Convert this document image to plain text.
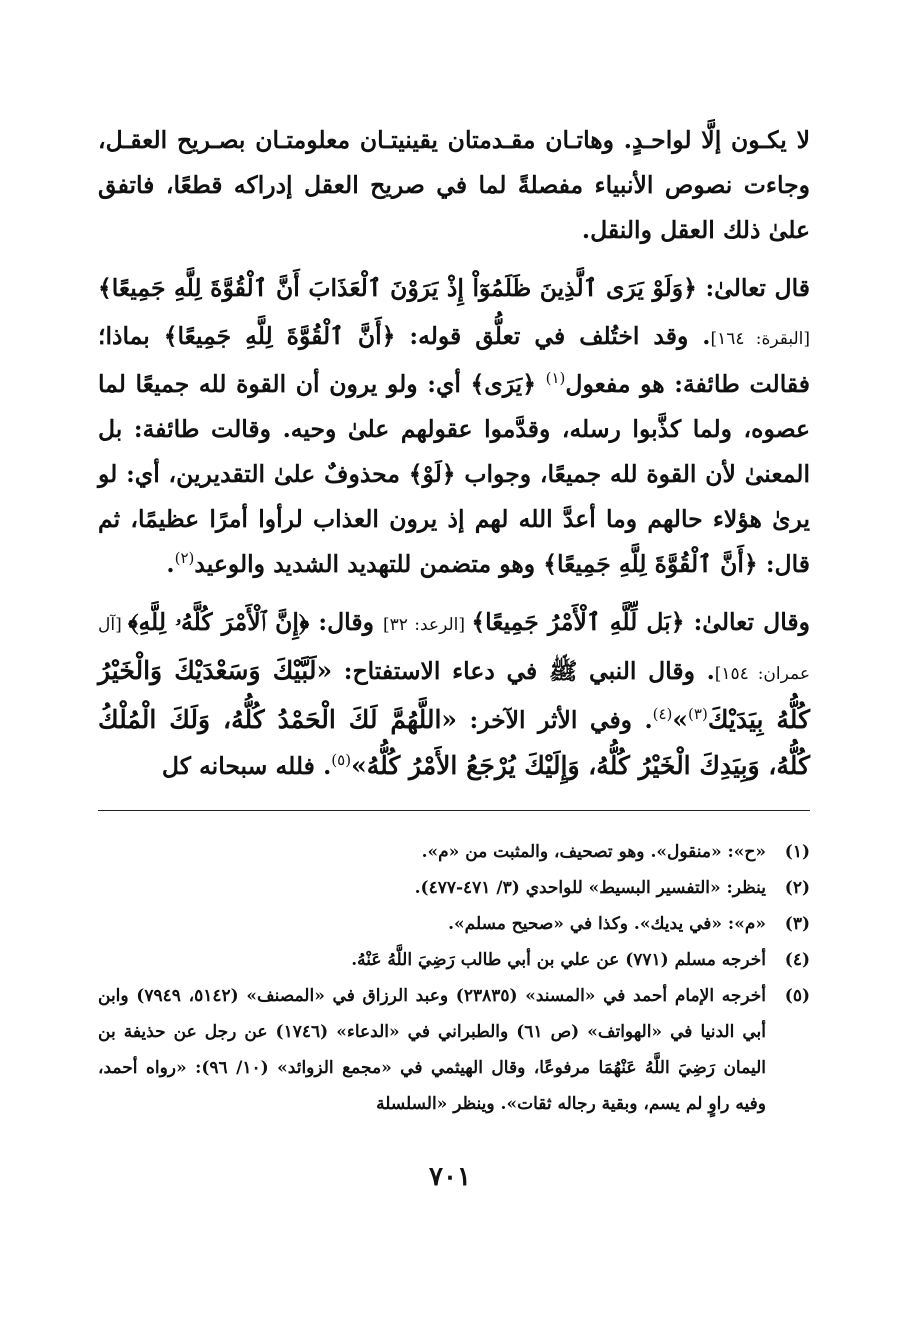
لا يكـون إلَّا لواحـدٍ. وهاتـان مقـدمتان يقينيتـان معلومتـان بصـريح العقـل، وجاءت نصوص الأنبياء مفصلةً لما في صريح العقل إدراكه قطعًا، فاتفق علىٰ ذلك العقل والنقل.

قال تعالىٰ: ﴿وَلَوْ يَرَى ٱلَّذِينَ ظَلَمُوٓاْ إِذْ يَرَوْنَ ٱلْعَذَابَ أَنَّ ٱلْقُوَّةَ لِلَّهِ جَمِيعًا﴾ [البقرة: ١٦٤]. وقد اختُلف في تعلُّق قوله: ﴿أَنَّ ٱلْقُوَّةَ لِلَّهِ جَمِيعًا﴾ بماذا؛ فقالت طائفة: هو مفعول$^{(١)}$ ﴿يَرَى﴾ أي: ولو يرون أن القوة لله جميعًا لما عصوه، ولما كذَّبوا رسله، وقدَّموا عقولهم علىٰ وحيه. وقالت طائفة: بل المعنىٰ لأن القوة لله جميعًا، وجواب ﴿لَوْ﴾ محذوفٌ علىٰ التقديرين، أي: لو يرىٰ هؤلاء حالهم وما أعدَّ الله لهم إذ يرون العذاب لرأوا أمرًا عظيمًا، ثم قال: ﴿أَنَّ ٱلْقُوَّةَ لِلَّهِ جَمِيعًا﴾ وهو متضمن للتهديد الشديد والوعيد$^{(٢)}$.

وقال تعالىٰ: ﴿بَل لِّلَّهِ ٱلْأَمْرُ جَمِيعًا﴾ [الرعد: ٣٢] وقال: ﴿إِنَّ ٱلْأَمْرَ كُلَّهُۥ لِلَّهِ﴾ [آل عمران: ١٥٤]. وقال النبي ﷺ في دعاء الاستفتاح: «لَبَّيْكَ وَسَعْدَيْكَ وَالْخَيْرُ كُلُّهُ بِيَدَيْكَ$^{(٣)}$»$^{(٤)}$. وفي الأثر الآخر: «اللَّهُمَّ لَكَ الْحَمْدُ كُلُّهُ، وَلَكَ الْمُلْكُ كُلُّهُ، وَبِيَدِكَ الْخَيْرُ كُلُّهُ، وَإِلَيْكَ يُرْجَعُ الأَمْرُ كُلُّهُ»$^{(٥)}$. فلله سبحانه كل

(١)
«ح»: «منقول». وهو تصحيف، والمثبت من «م».
(٢)
ينظر: «التفسير البسيط» للواحدي (٣/ ٤٧١-٤٧٧).
(٣)
«م»: «في يديك». وكذا في «صحيح مسلم».
(٤)
أخرجه مسلم (٧٧١) عن علي بن أبي طالب رَضِيَ اللَّهُ عَنْهُ.
(٥)
أخرجه الإمام أحمد في «المسند» (٢٣٨٣٥) وعبد الرزاق في «المصنف» (٥١٤٢، ٧٩٤٩) وابن أبي الدنيا في «الهواتف» (ص ٦١) والطبراني في «الدعاء» (١٧٤٦) عن رجل عن حذيفة بن اليمان رَضِيَ اللَّهُ عَنْهُمَا مرفوعًا، وقال الهيثمي في «مجمع الزوائد» (١٠/ ٩٦): «رواه أحمد، وفيه راوٍ لم يسم، وبقية رجاله ثقات». وينظر «السلسلة
٧٠١
